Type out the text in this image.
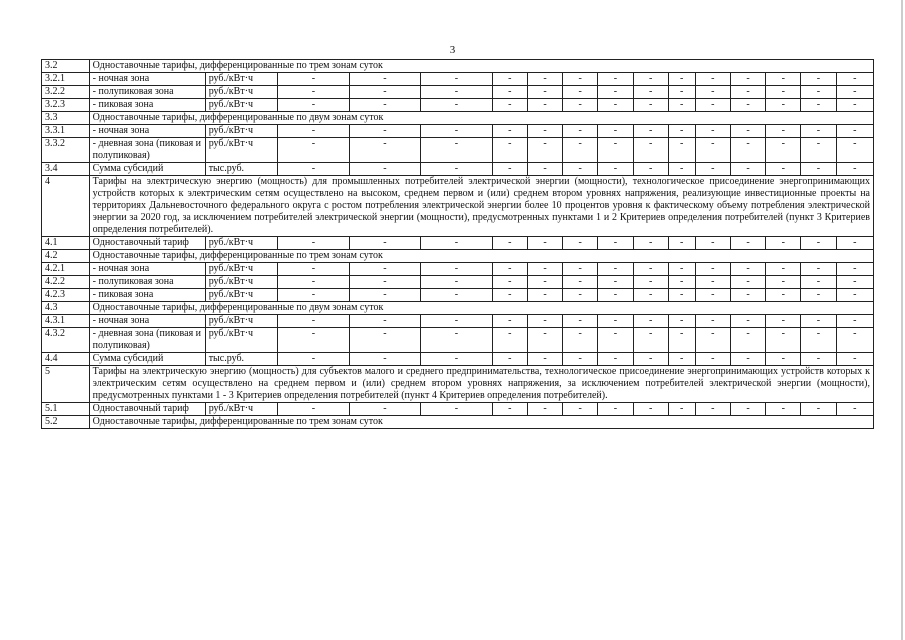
3
3.2	Одноставочные тарифы, дифференцированные по трем зонам суток															
3.2.1	- ночная зона	руб./кВт·ч	-	-	-	-	-	-	-	-	-	-	-	-	-	-
3.2.2	- полупиковая зона	руб./кВт·ч	-	-	-	-	-	-	-	-	-	-	-	-	-	-
3.2.3	- пиковая зона	руб./кВт·ч	-	-	-	-	-	-	-	-	-	-	-	-	-	-
3.3	Одноставочные тарифы, дифференцированные по двум зонам суток															
3.3.1	- ночная зона	руб./кВт·ч	-	-	-	-	-	-	-	-	-	-	-	-	-	-
3.3.2	- дневная зона (пиковая и полупиковая)	руб./кВт·ч	-	-	-	-	-	-	-	-	-	-	-	-	-	-
3.4	Сумма субсидий	тыс.руб.	-	-	-	-	-	-	-	-	-	-	-	-	-	-
4	Тарифы на электрическую энергию (мощность) для промышленных потребителей электрической энергии (мощности), технологическое присоединение энергопринимающих устройств которых к электрическим сетям осуществлено на высоком, среднем первом и (или) среднем втором уровнях напряжения, реализующие инвестиционные проекты на территориях Дальневосточного федерального округа с ростом потребления электрической энергии более 10 процентов уровня к фактическому объему потребления электрической энергии за 2020 год, за исключением потребителей электрической энергии (мощности), предусмотренных пунктами 1 и 2 Критериев определения потребителей (пункт 3 Критериев определения потребителей).															
4.1	Одноставочный тариф	руб./кВт·ч	-	-	-	-	-	-	-	-	-	-	-	-	-	-
4.2	Одноставочные тарифы, дифференцированные по трем зонам суток															
4.2.1	- ночная зона	руб./кВт·ч	-	-	-	-	-	-	-	-	-	-	-	-	-	-
4.2.2	- полупиковая зона	руб./кВт·ч	-	-	-	-	-	-	-	-	-	-	-	-	-	-
4.2.3	- пиковая зона	руб./кВт·ч	-	-	-	-	-	-	-	-	-	-	-	-	-	-
4.3	Одноставочные тарифы, дифференцированные по двум зонам суток															
4.3.1	- ночная зона	руб./кВт·ч	-	-	-	-	-	-	-	-	-	-	-	-	-	-
4.3.2	- дневная зона (пиковая и полупиковая)	руб./кВт·ч	-	-	-	-	-	-	-	-	-	-	-	-	-	-
4.4	Сумма субсидий	тыс.руб.	-	-	-	-	-	-	-	-	-	-	-	-	-	-
5	Тарифы на электрическую энергию (мощность) для субъектов малого и среднего предпринимательства, технологическое присоединение энергопринимающих устройств которых к электрическим сетям осуществлено на среднем первом и (или) среднем втором уровнях напряжения, за исключением потребителей электрической энергии (мощности), предусмотренных пунктами 1 - 3 Критериев определения потребителей (пункт 4 Критериев определения потребителей).															
5.1	Одноставочный тариф	руб./кВт·ч	-	-	-	-	-	-	-	-	-	-	-	-	-	-
5.2	Одноставочные тарифы, дифференцированные по трем зонам суток															
